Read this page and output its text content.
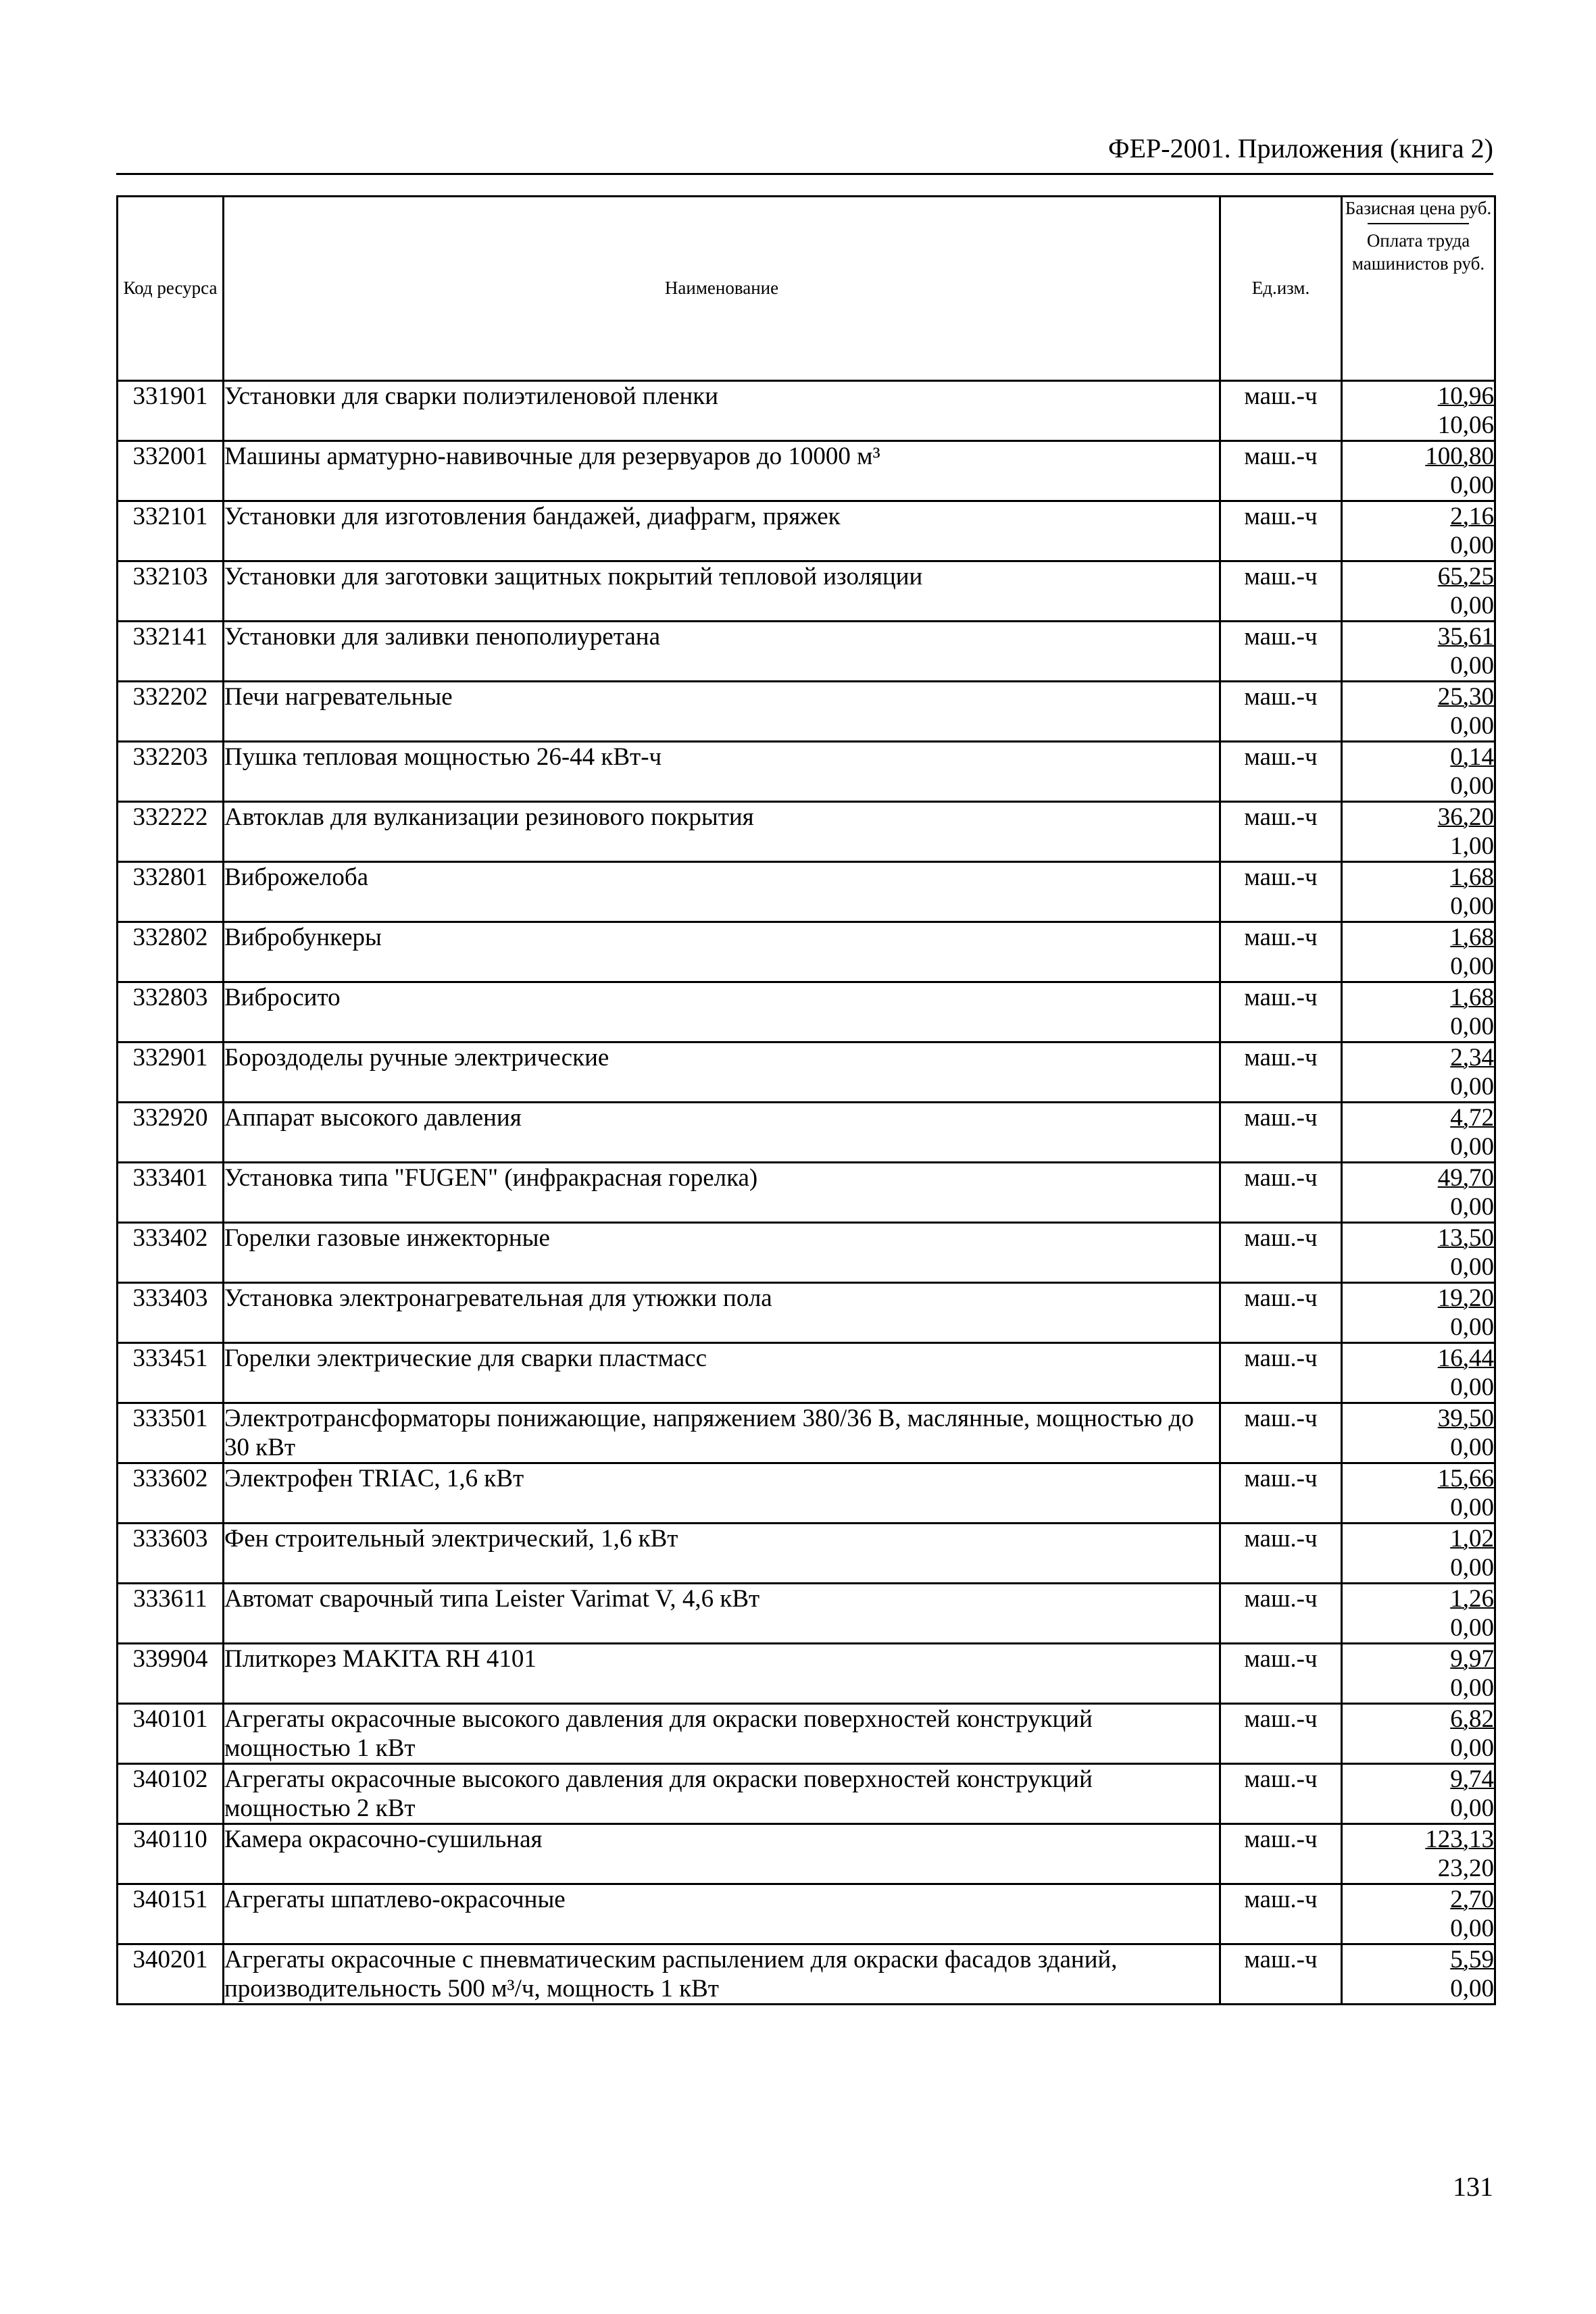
ФЕР-2001. Приложения (книга 2)
Код ресурса	Наименование	Ед.изм.	Базисная цена руб.
Оплата труда машинистов руб.

331901	Установки для сварки полиэтиленовой пленки	маш.-ч	10,96
10,06

332001	Машины арматурно-навивочные для резервуаров до 10000 м³	маш.-ч	100,80
0,00

332101	Установки для изготовления бандажей, диафрагм, пряжек	маш.-ч	2,16
0,00

332103	Установки для заготовки защитных покрытий тепловой изоляции	маш.-ч	65,25
0,00

332141	Установки для заливки пенополиуретана	маш.-ч	35,61
0,00

332202	Печи нагревательные	маш.-ч	25,30
0,00

332203	Пушка тепловая мощностью 26-44 кВт-ч	маш.-ч	0,14
0,00

332222	Автоклав для вулканизации резинового покрытия	маш.-ч	36,20
1,00

332801	Виброжелоба	маш.-ч	1,68
0,00

332802	Вибробункеры	маш.-ч	1,68
0,00

332803	Вибросито	маш.-ч	1,68
0,00

332901	Бороздоделы ручные электрические	маш.-ч	2,34
0,00

332920	Аппарат высокого давления	маш.-ч	4,72
0,00

333401	Установка типа "FUGEN" (инфракрасная горелка)	маш.-ч	49,70
0,00

333402	Горелки газовые инжекторные	маш.-ч	13,50
0,00

333403	Установка электронагревательная для утюжки пола	маш.-ч	19,20
0,00

333451	Горелки электрические для сварки пластмасс	маш.-ч	16,44
0,00

333501	Электротрансформаторы понижающие, напряжением 380/36 В, маслянные, мощностью до 30 кВт	маш.-ч	39,50
0,00

333602	Электрофен TRIAC, 1,6 кВт	маш.-ч	15,66
0,00

333603	Фен строительный электрический, 1,6 кВт	маш.-ч	1,02
0,00

333611	Автомат сварочный типа Leister Varimat V, 4,6 кВт	маш.-ч	1,26
0,00

339904	Плиткорез MAKITA RH 4101	маш.-ч	9,97
0,00

340101	Агрегаты окрасочные высокого давления для окраски поверхностей конструкций мощностью 1 кВт	маш.-ч	6,82
0,00

340102	Агрегаты окрасочные высокого давления для окраски поверхностей конструкций мощностью 2 кВт	маш.-ч	9,74
0,00

340110	Камера окрасочно-сушильная	маш.-ч	123,13
23,20

340151	Агрегаты шпатлево-окрасочные	маш.-ч	2,70
0,00

340201	Агрегаты окрасочные с пневматическим распылением для окраски фасадов зданий, производительность 500 м³/ч, мощность 1 кВт	маш.-ч	5,59
0,00
131
